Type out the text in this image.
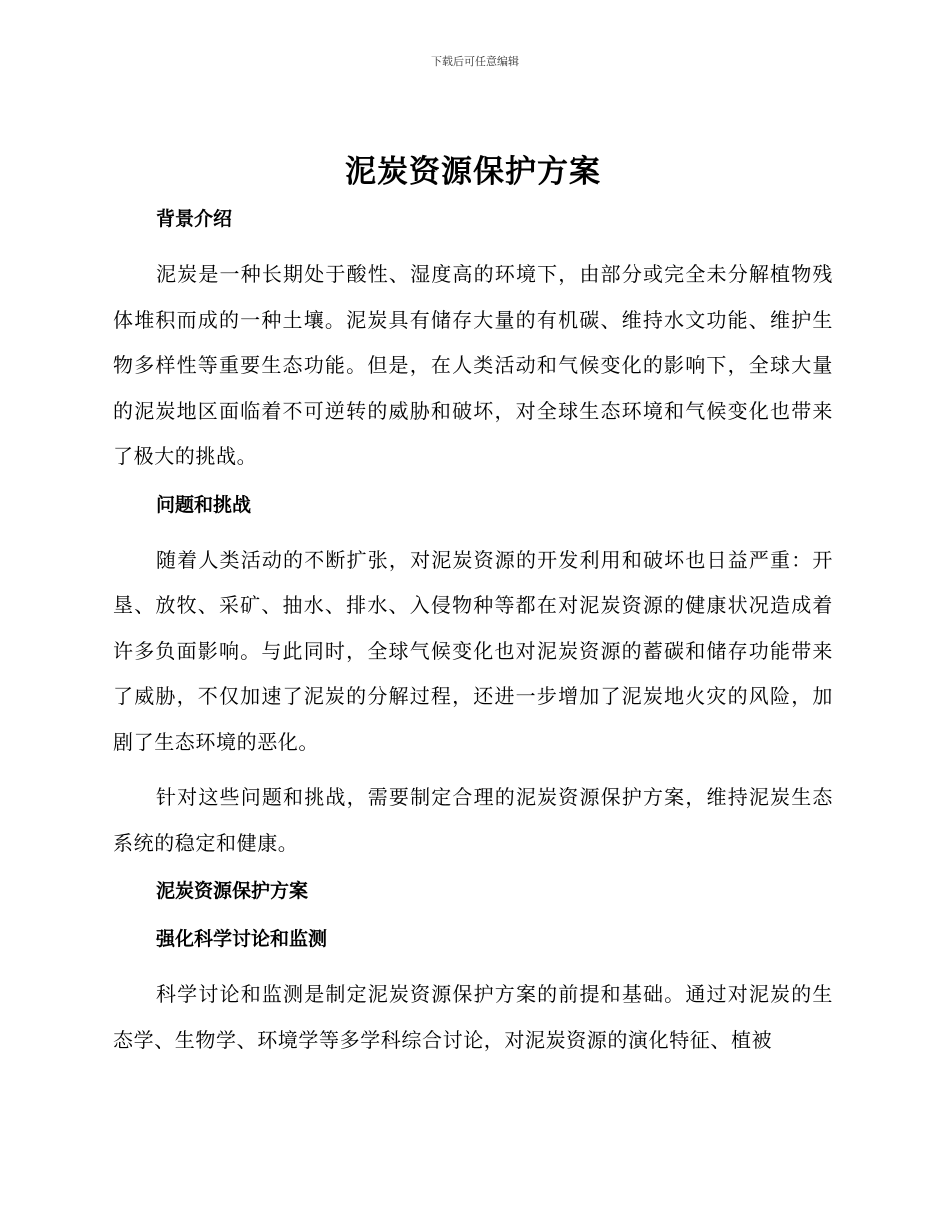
下载后可任意编辑
泥炭资源保护方案
背景介绍

泥炭是一种长期处于酸性、湿度高的环境下，由部分或完全未分解植物残体堆积而成的一种土壤。泥炭具有储存大量的有机碳、维持水文功能、维护生物多样性等重要生态功能。但是，在人类活动和气候变化的影响下，全球大量的泥炭地区面临着不可逆转的威胁和破坏，对全球生态环境和气候变化也带来了极大的挑战。

问题和挑战

随着人类活动的不断扩张，对泥炭资源的开发利用和破坏也日益严重：开垦、放牧、采矿、抽水、排水、入侵物种等都在对泥炭资源的健康状况造成着许多负面影响。与此同时，全球气候变化也对泥炭资源的蓄碳和储存功能带来了威胁，不仅加速了泥炭的分解过程，还进一步增加了泥炭地火灾的风险，加剧了生态环境的恶化。

针对这些问题和挑战，需要制定合理的泥炭资源保护方案，维持泥炭生态系统的稳定和健康。

泥炭资源保护方案
强化科学讨论和监测

科学讨论和监测是制定泥炭资源保护方案的前提和基础。通过对泥炭的生态学、生物学、环境学等多学科综合讨论，对泥炭资源的演化特征、植被
